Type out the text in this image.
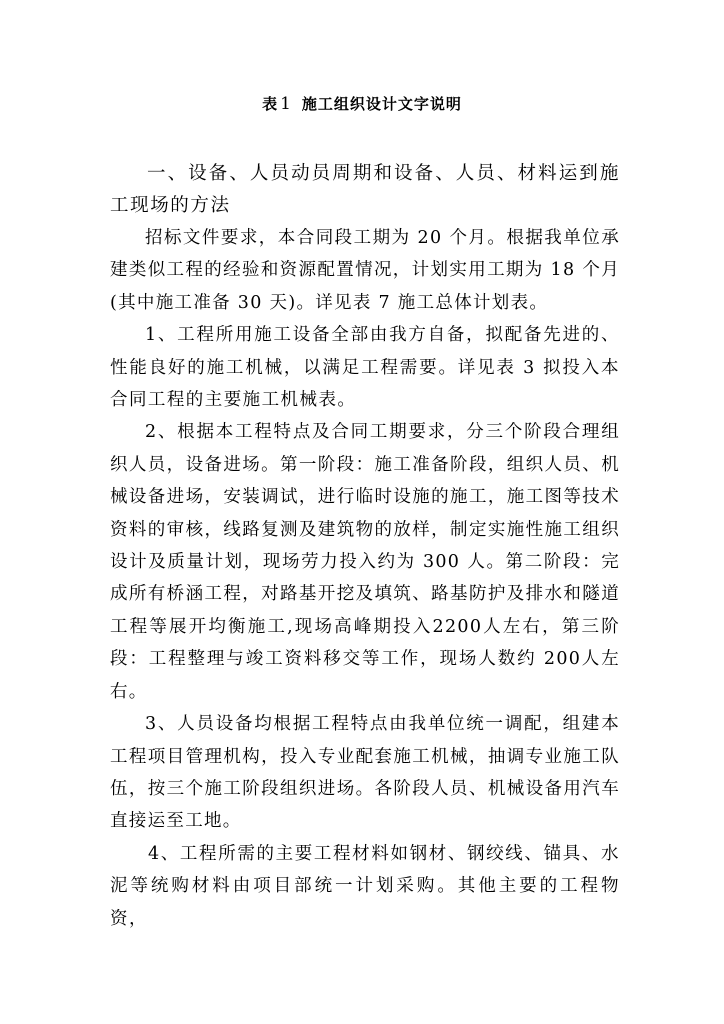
表 1 施工组织设计文字说明

一、设备、人员动员周期和设备、人员、材料运到施工现场的方法

招标文件要求，本合同段工期为 20 个月。根据我单位承建类似工程的经验和资源配置情况，计划实用工期为 18 个月(其中施工准备 30 天)。详见表 7 施工总体计划表。

1、工程所用施工设备全部由我方自备，拟配备先进的、性能良好的施工机械，以满足工程需要。详见表 3 拟投入本合同工程的主要施工机械表。

2、根据本工程特点及合同工期要求，分三个阶段合理组织人员，设备进场。第一阶段：施工准备阶段，组织人员、机械设备进场，安装调试，进行临时设施的施工，施工图等技术资料的审核，线路复测及建筑物的放样，制定实施性施工组织设计及质量计划，现场劳力投入约为 300 人。第二阶段：完成所有桥涵工程，对路基开挖及填筑、路基防护及排水和隧道工程等展开均衡施工,现场高峰期投入2200人左右，第三阶段：工程整理与竣工资料移交等工作，现场人数约 200人左右。

3、人员设备均根据工程特点由我单位统一调配，组建本工程项目管理机构，投入专业配套施工机械，抽调专业施工队伍，按三个施工阶段组织进场。各阶段人员、机械设备用汽车直接运至工地。

4、工程所需的主要工程材料如钢材、钢绞线、锚具、水泥等统购材料由项目部统一计划采购。其他主要的工程物资，
